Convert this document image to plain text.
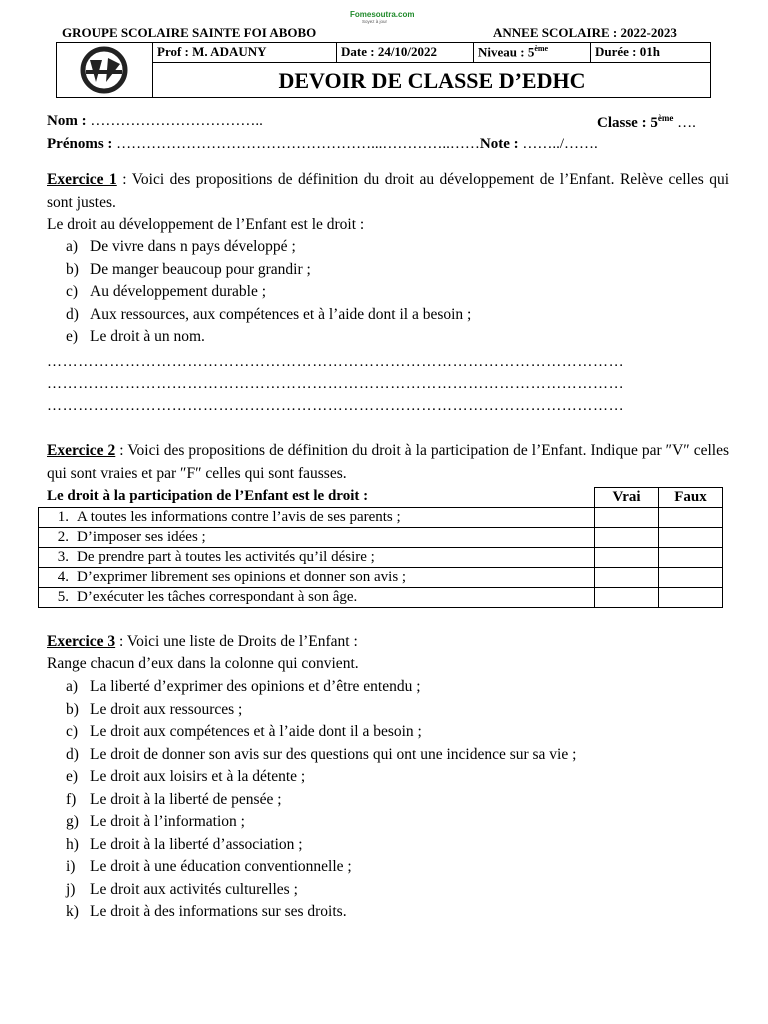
Fomesoutra.com
Soyez à jour
GROUPE SCOLAIRE SAINTE FOI ABOBO	ANNEE SCOLAIRE : 2022-2023
Prof : M. ADAUNY	Date : 24/10/2022	Niveau : 5ème	Durée : 01h
DEVOIR DE CLASSE D’EDHC
Nom : ……………………………..	Classe : 5ème ….
Prénoms : ……………………………………………...…………..……Note : ……../…….
Exercice 1 : Voici des propositions de définition du droit au développement de l’Enfant. Relève celles qui sont justes.
Le droit au développement de l’Enfant est le droit :
a) De vivre dans n pays développé ;
b) De manger beaucoup pour grandir ;
c) Au développement durable ;
d) Aux ressources, aux compétences et à l’aide dont il a besoin ;
e) Le droit à un nom.
…………………………………………………………………………………………………
…………………………………………………………………………………………………
…………………………………………………………………………………………………
Exercice 2 : Voici des propositions de définition du droit à la participation de l’Enfant. Indique par ″V″ celles qui sont vraies et par ″F″ celles qui sont fausses.
Le droit à la participation de l’Enfant est le droit :
		Vrai	Faux
1. A toutes les informations contre l’avis de ses parents ;		
2. D’imposer ses idées ;		
3. De prendre part à toutes les activités qu’il désire ;		
4. D’exprimer librement ses opinions et donner son avis ;		
5. D’exécuter les tâches correspondant à son âge.		
Exercice 3 : Voici une liste de Droits de l’Enfant :
Range chacun d’eux dans la colonne qui convient.
a) La liberté d’exprimer des opinions et d’être entendu ;
b) Le droit aux ressources ;
c) Le droit aux compétences et à l’aide dont il a besoin ;
d) Le droit de donner son avis sur des questions qui ont une incidence sur sa vie ;
e) Le droit aux loisirs et à la détente ;
f) Le droit à la liberté de pensée ;
g) Le droit à l’information ;
h) Le droit à la liberté d’association ;
i) Le droit à une éducation conventionnelle ;
j) Le droit aux activités culturelles ;
k) Le droit à des informations sur ses droits.
